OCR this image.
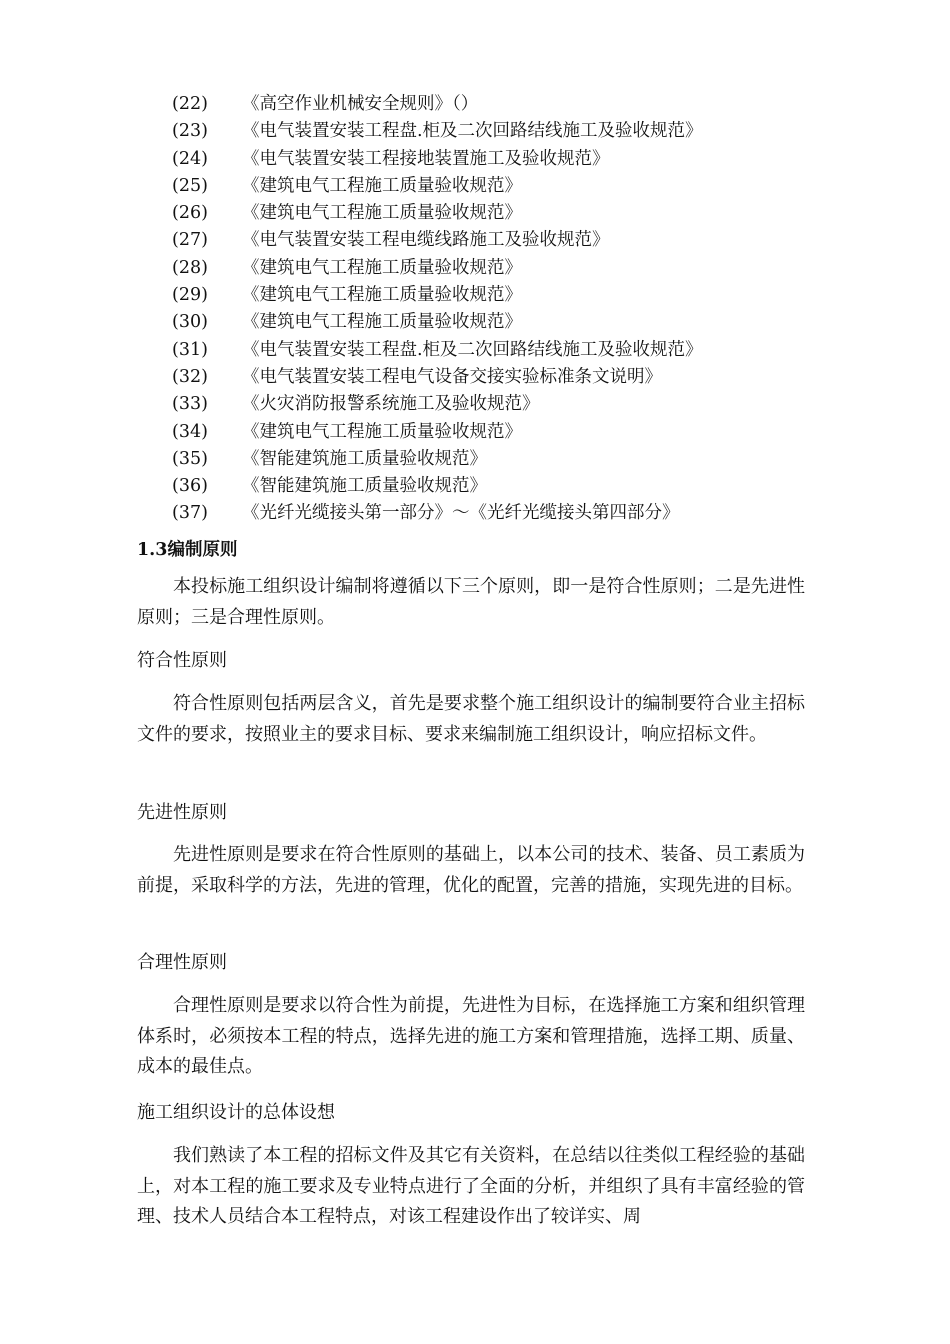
(22) 《高空作业机械安全规则》（）
(23) 《电气装置安装工程盘.柜及二次回路结线施工及验收规范》
(24) 《电气装置安装工程接地装置施工及验收规范》
(25) 《建筑电气工程施工质量验收规范》
(26) 《建筑电气工程施工质量验收规范》
(27) 《电气装置安装工程电缆线路施工及验收规范》
(28) 《建筑电气工程施工质量验收规范》
(29) 《建筑电气工程施工质量验收规范》
(30) 《建筑电气工程施工质量验收规范》
(31) 《电气装置安装工程盘.柜及二次回路结线施工及验收规范》
(32) 《电气装置安装工程电气设备交接实验标准条文说明》
(33) 《火灾消防报警系统施工及验收规范》
(34) 《建筑电气工程施工质量验收规范》
(35) 《智能建筑施工质量验收规范》
(36) 《智能建筑施工质量验收规范》
(37) 《光纤光缆接头第一部分》～《光纤光缆接头第四部分》
1.3编制原则

本投标施工组织设计编制将遵循以下三个原则，即一是符合性原则；二是先进性原则；三是合理性原则。

符合性原则

符合性原则包括两层含义，首先是要求整个施工组织设计的编制要符合业主招标文件的要求，按照业主的要求目标、要求来编制施工组织设计，响应招标文件。

先进性原则

先进性原则是要求在符合性原则的基础上，以本公司的技术、装备、员工素质为前提，采取科学的方法，先进的管理，优化的配置，完善的措施，实现先进的目标。

合理性原则

合理性原则是要求以符合性为前提，先进性为目标，在选择施工方案和组织管理体系时，必须按本工程的特点，选择先进的施工方案和管理措施，选择工期、质量、成本的最佳点。

施工组织设计的总体设想

我们熟读了本工程的招标文件及其它有关资料，在总结以往类似工程经验的基础上，对本工程的施工要求及专业特点进行了全面的分析，并组织了具有丰富经验的管理、技术人员结合本工程特点，对该工程建设作出了较详实、周
